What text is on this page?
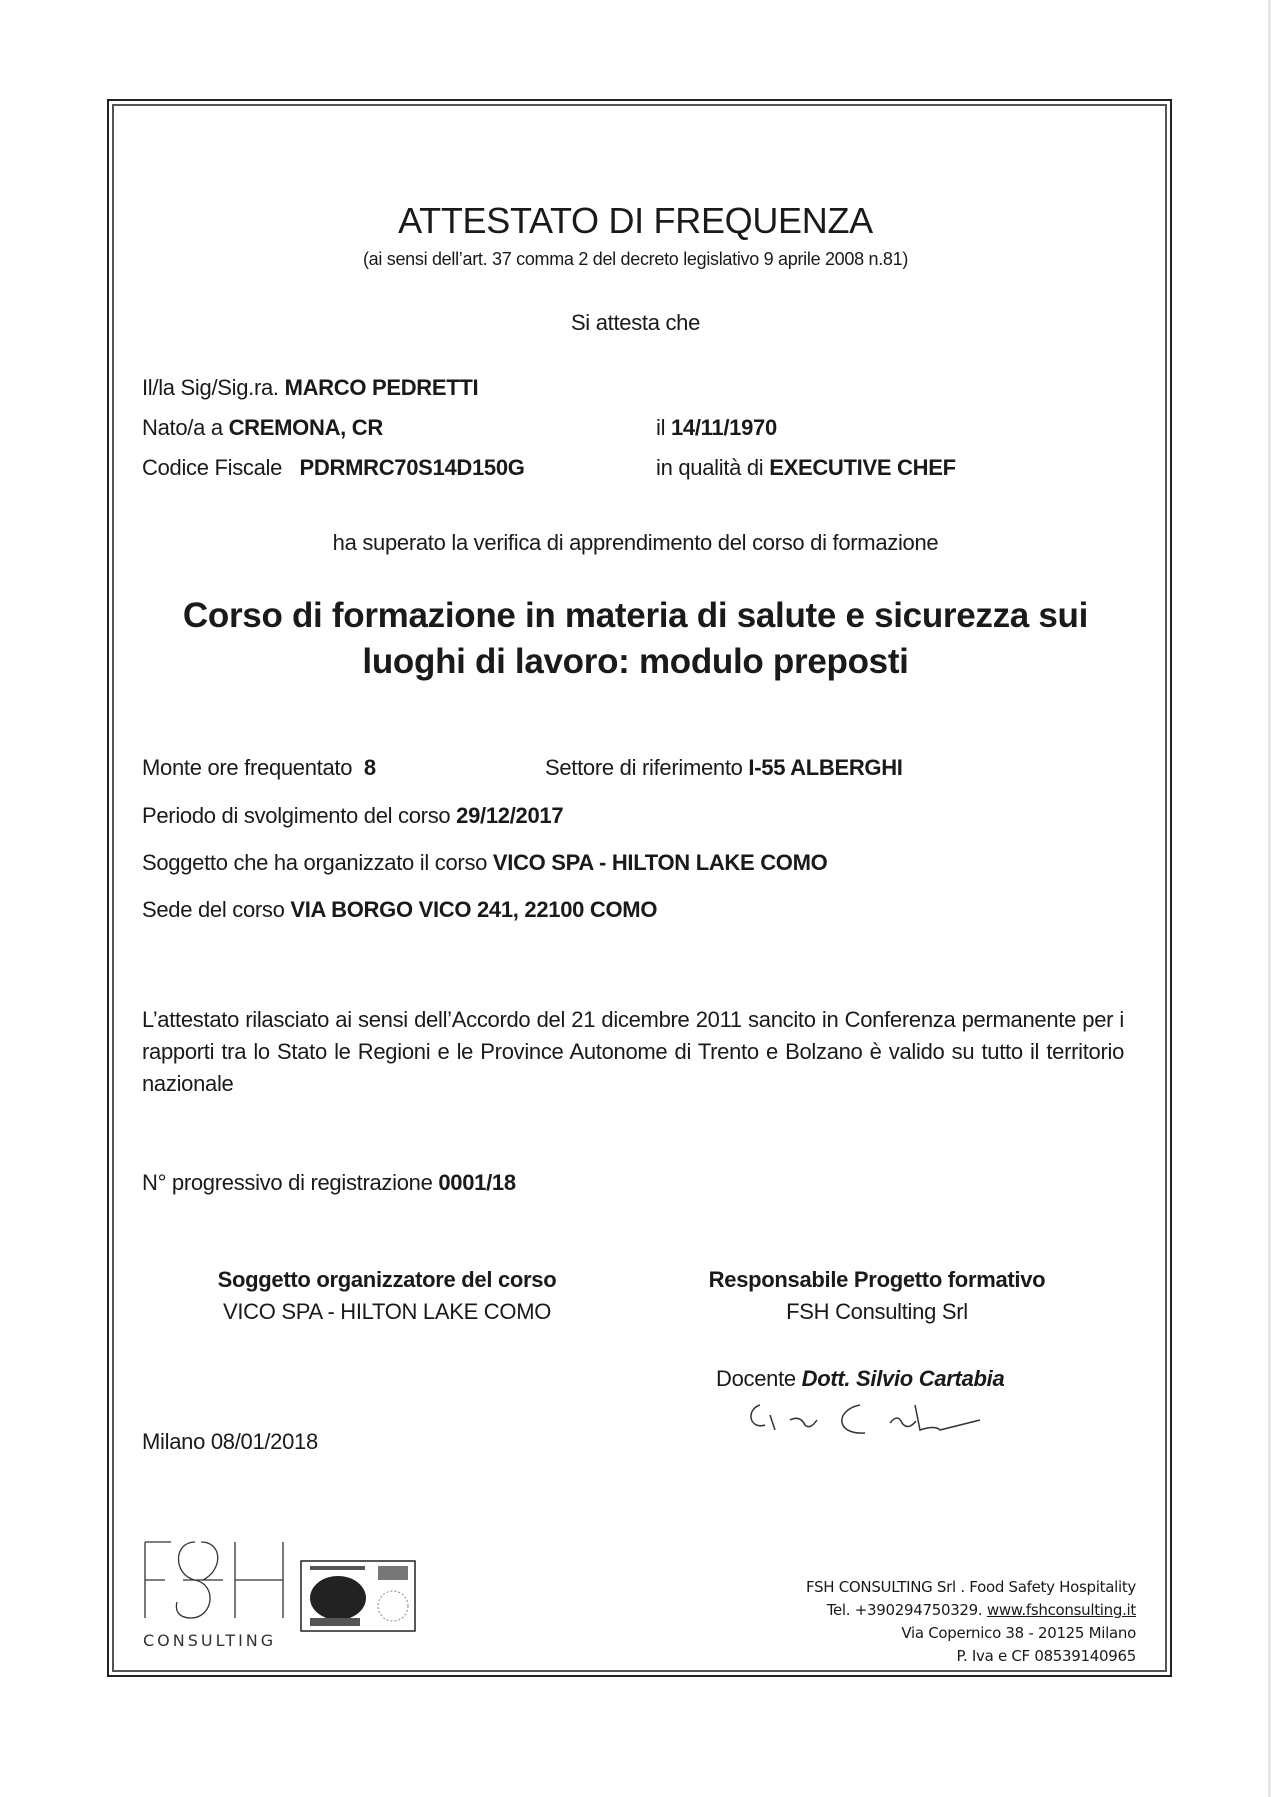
ATTESTATO DI FREQUENZA
(ai sensi dell’art. 37 comma 2 del decreto legislativo 9 aprile 2008 n.81)
Si attesta che
Il/la Sig/Sig.ra. MARCO PEDRETTI
Nato/a a CREMONA, CR	il 14/11/1970
Codice Fiscale PDRMRC70S14D150G	in qualità di EXECUTIVE CHEF
ha superato la verifica di apprendimento del corso di formazione
Corso di formazione in materia di salute e sicurezza sui
luoghi di lavoro: modulo preposti
Monte ore frequentato 8	Settore di riferimento I-55 ALBERGHI
Periodo di svolgimento del corso 29/12/2017
Soggetto che ha organizzato il corso VICO SPA - HILTON LAKE COMO
Sede del corso VIA BORGO VICO 241, 22100 COMO
L’attestato rilasciato ai sensi dell’Accordo del 21 dicembre 2011 sancito in Conferenza permanente per i rapporti tra lo Stato le Regioni e le Province Autonome di Trento e Bolzano è valido su tutto il territorio nazionale
N° progressivo di registrazione 0001/18
Soggetto organizzatore del corso
VICO SPA - HILTON LAKE COMO
Responsabile Progetto formativo
FSH Consulting Srl
Docente Dott. Silvio Cartabia
Milano 08/01/2018
CONSULTING
FSH CONSULTING Srl . Food Safety Hospitality
Tel. +390294750329. www.fshconsulting.it
Via Copernico 38 - 20125 Milano
P. Iva e CF 08539140965
